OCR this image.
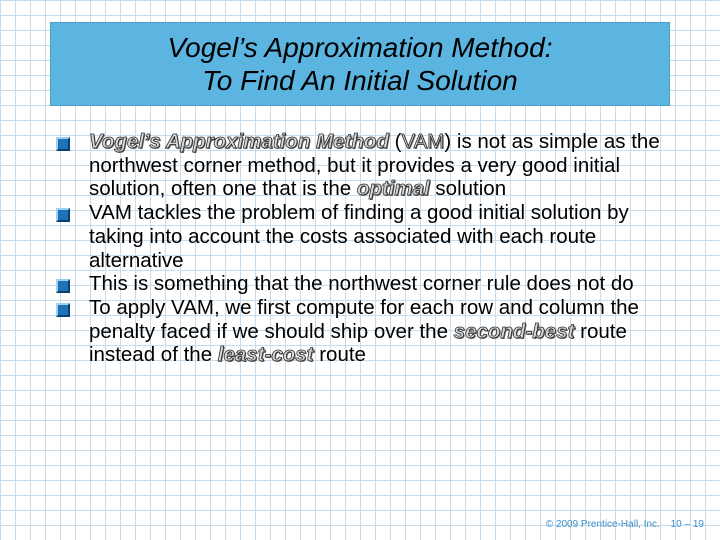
Vogel’s Approximation Method:
To Find An Initial Solution
Vogel’s Approximation Method (VAM) is not as simple as the northwest corner method, but it provides a very good initial solution, often one that is the optimal solution
VAM tackles the problem of finding a good initial solution by taking into account the costs associated with each route alternative
This is something that the northwest corner rule does not do
To apply VAM, we first compute for each row and column the penalty faced if we should ship over the second-best route instead of the least-cost route
© 2009 Prentice-Hall, Inc. 10 – 19
